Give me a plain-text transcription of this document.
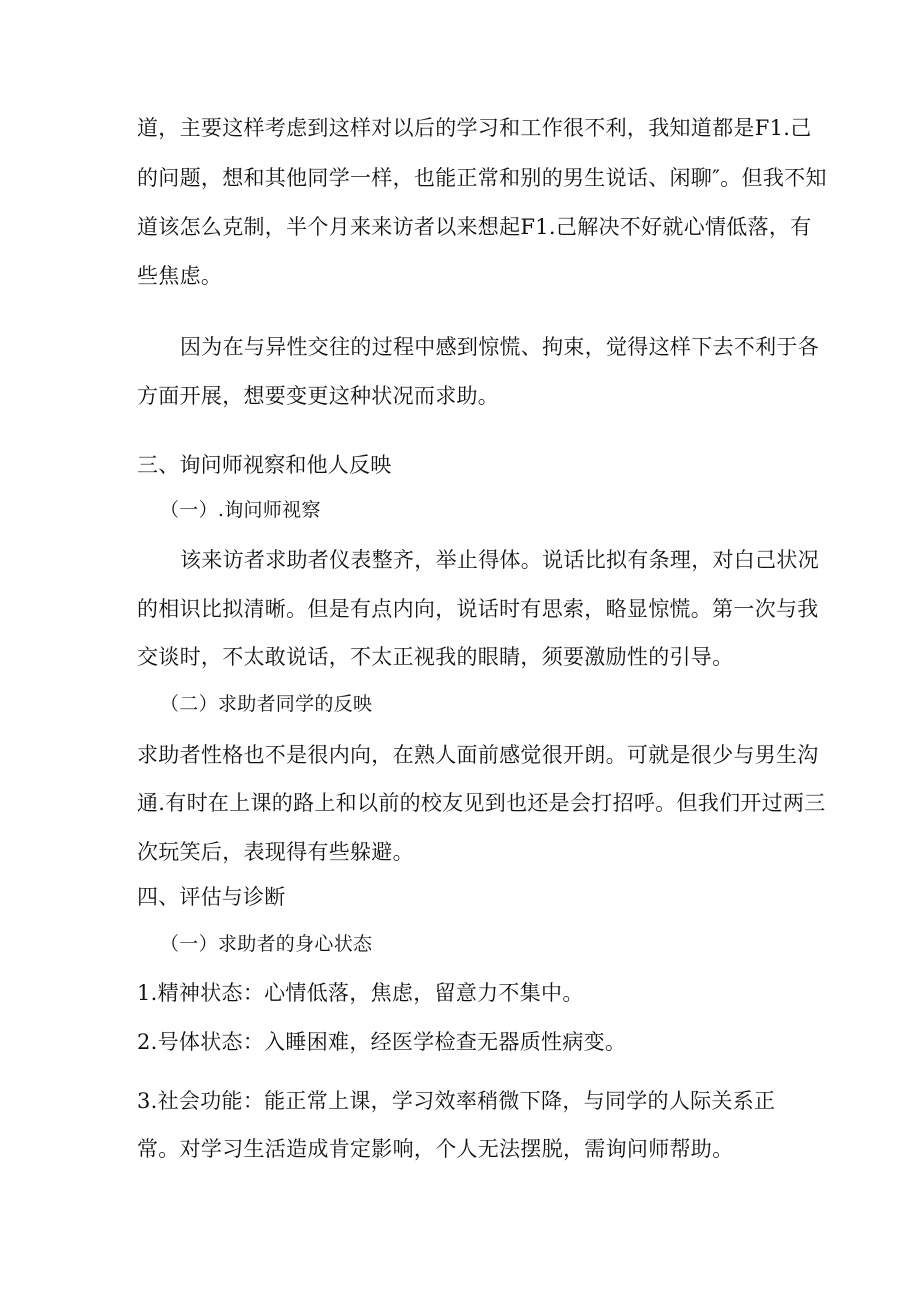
道，主要这样考虑到这样对以后的学习和工作很不利，我知道都是F1.己
的问题，想和其他同学一样，也能正常和别的男生说话、闲聊″。但我不知
道该怎么克制，半个月来来访者以来想起F1.己解决不好就心情低落，有
些焦虑。
因为在与异性交往的过程中感到惊慌、拘束，觉得这样下去不利于各
方面开展，想要变更这种状况而求助。
三、询问师视察和他人反映
（一）.询问师视察
该来访者求助者仪表整齐，举止得体。说话比拟有条理，对白己状况
的相识比拟清晰。但是有点内向，说话时有思索，略显惊慌。第一次与我
交谈时，不太敢说话，不太正视我的眼睛，须要激励性的引导。
（二）求助者同学的反映
求助者性格也不是很内向，在熟人面前感觉很开朗。可就是很少与男生沟
通.有时在上课的路上和以前的校友见到也还是会打招呼。但我们开过两三
次玩笑后，表现得有些躲避。
四、评估与诊断
（一）求助者的身心状态
1.精神状态：心情低落，焦虑，留意力不集中。
2.号体状态：入睡困难，经医学检查无器质性病变。
3.社会功能：能正常上课，学习效率稍微下降，与同学的人际关系正
常。对学习生活造成肯定影响，个人无法摆脱，需询问师帮助。
